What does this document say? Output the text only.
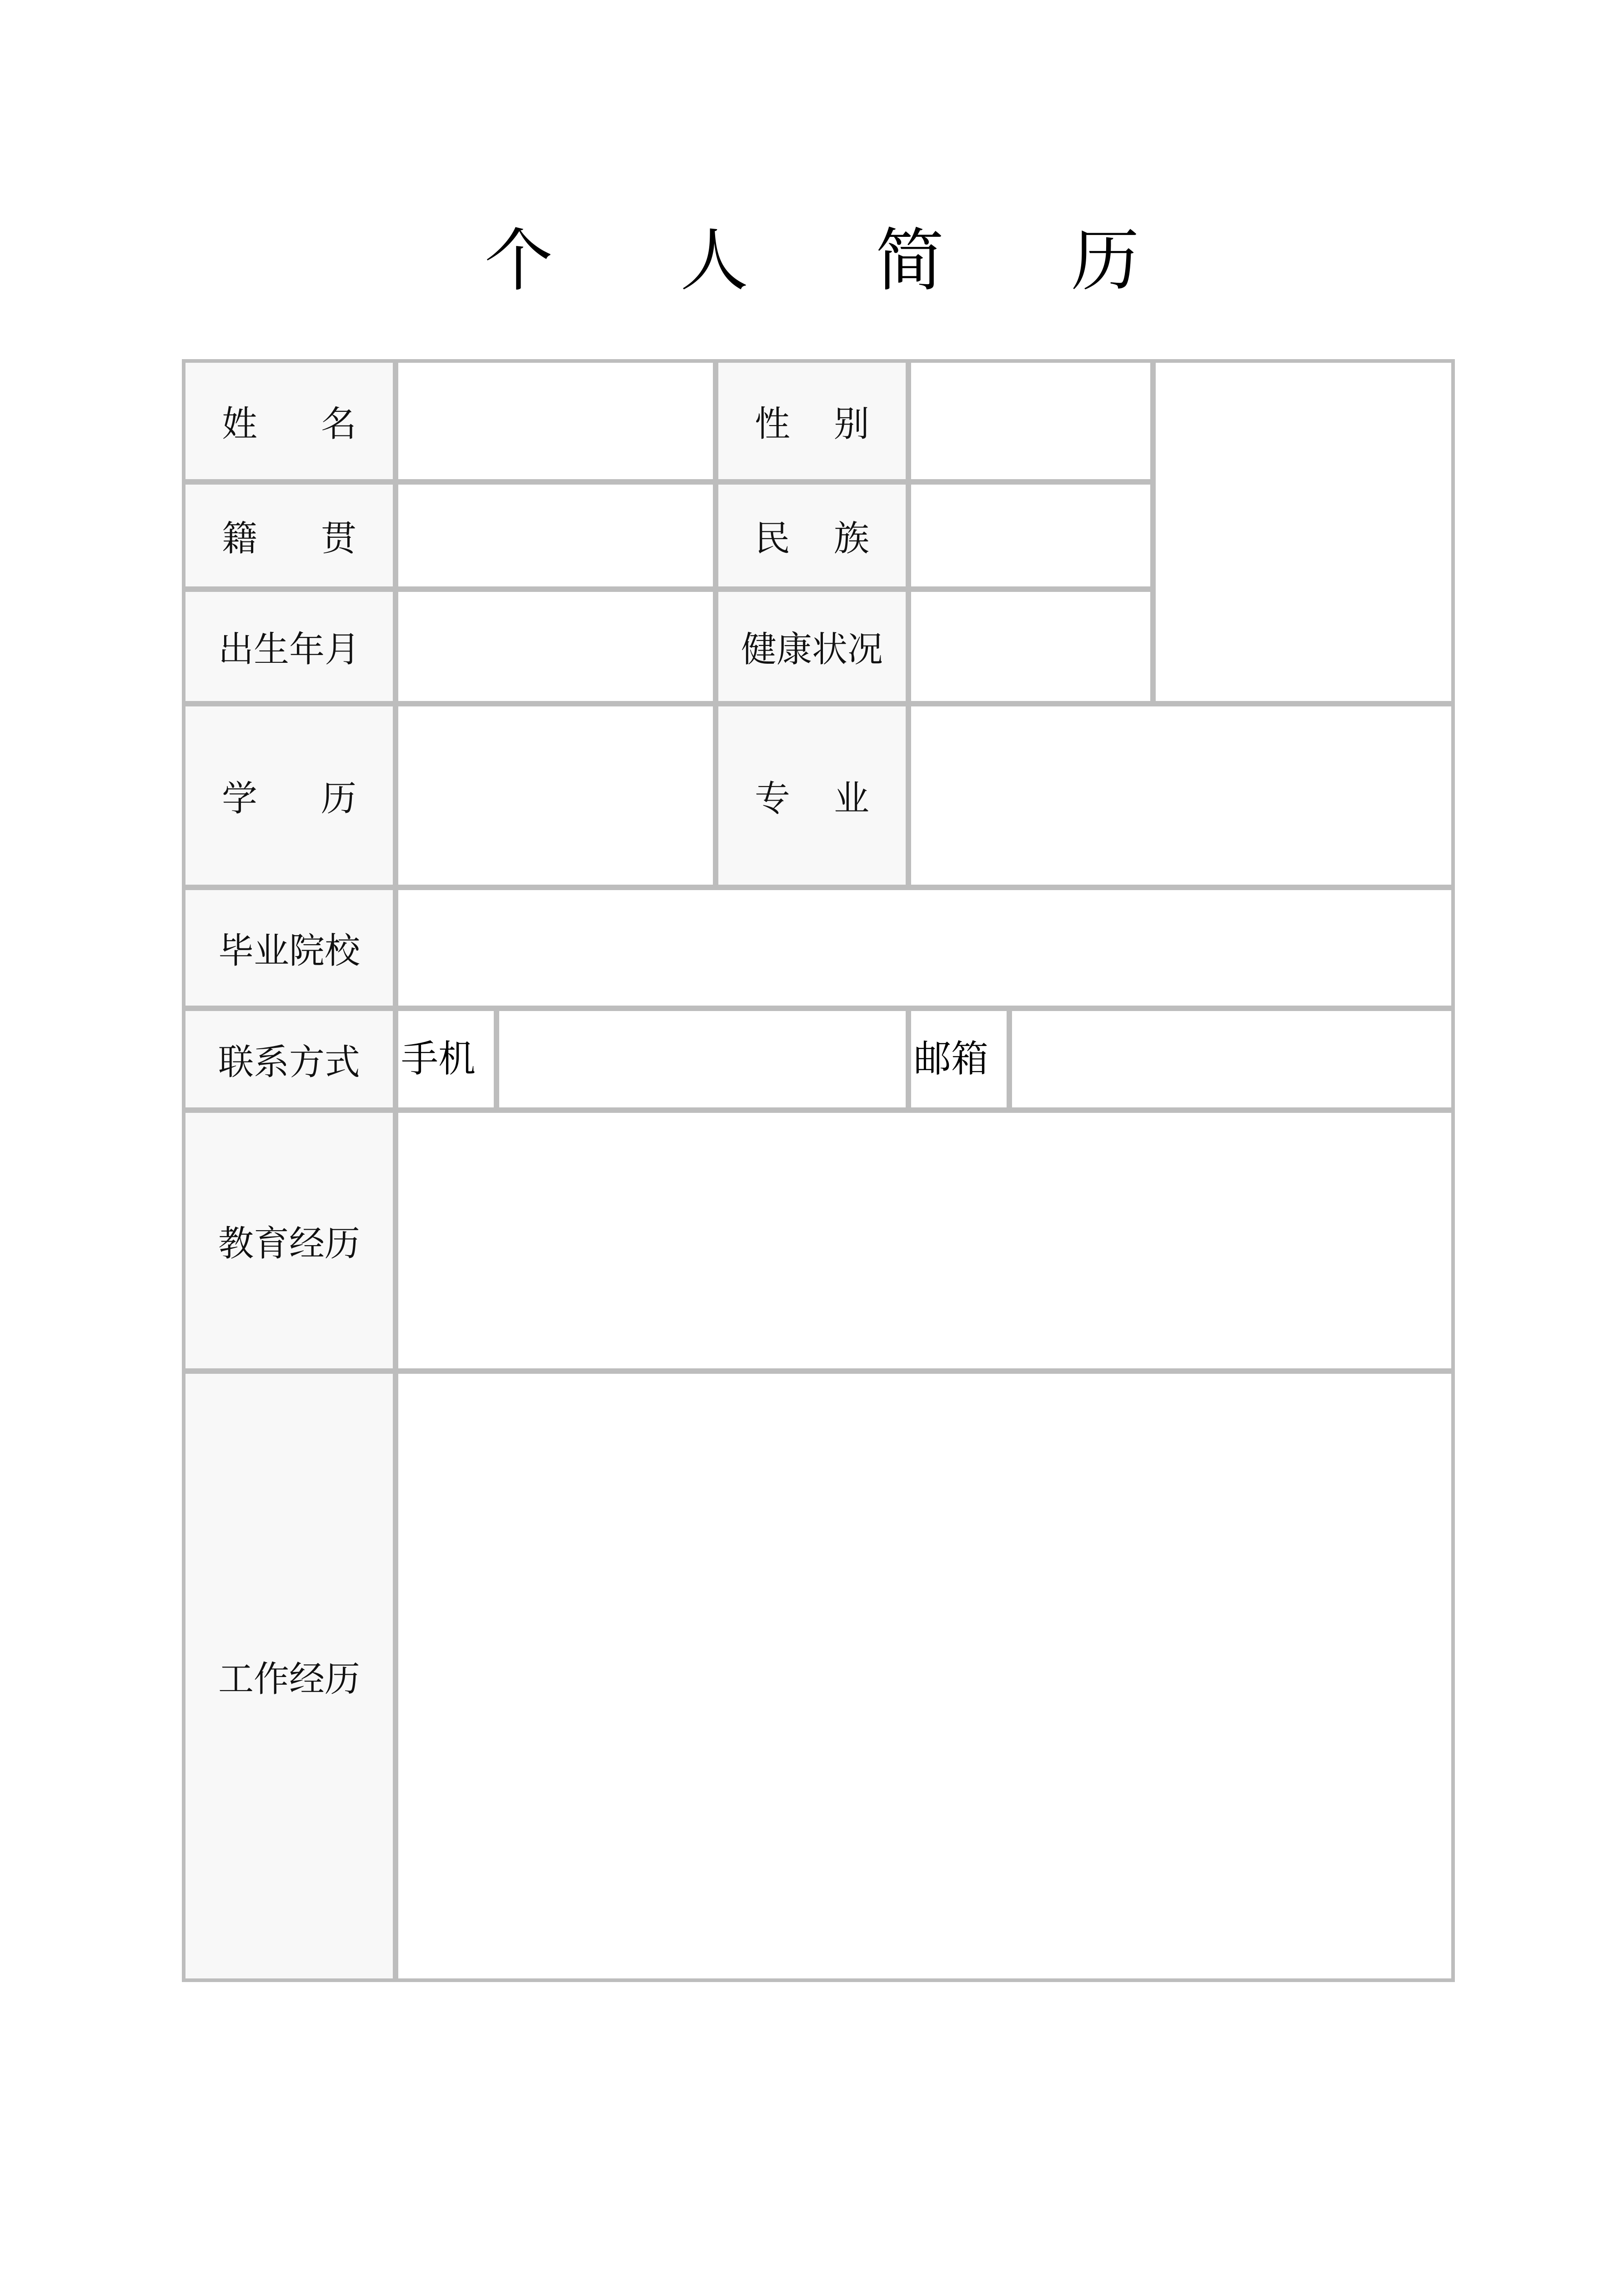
个 人 简 历
姓 名	性 别
籍 贯	民 族
出生年月	健康状况
学 历	专 业
毕业院校
联系方式	手机	邮箱
教育经历
工作经历
